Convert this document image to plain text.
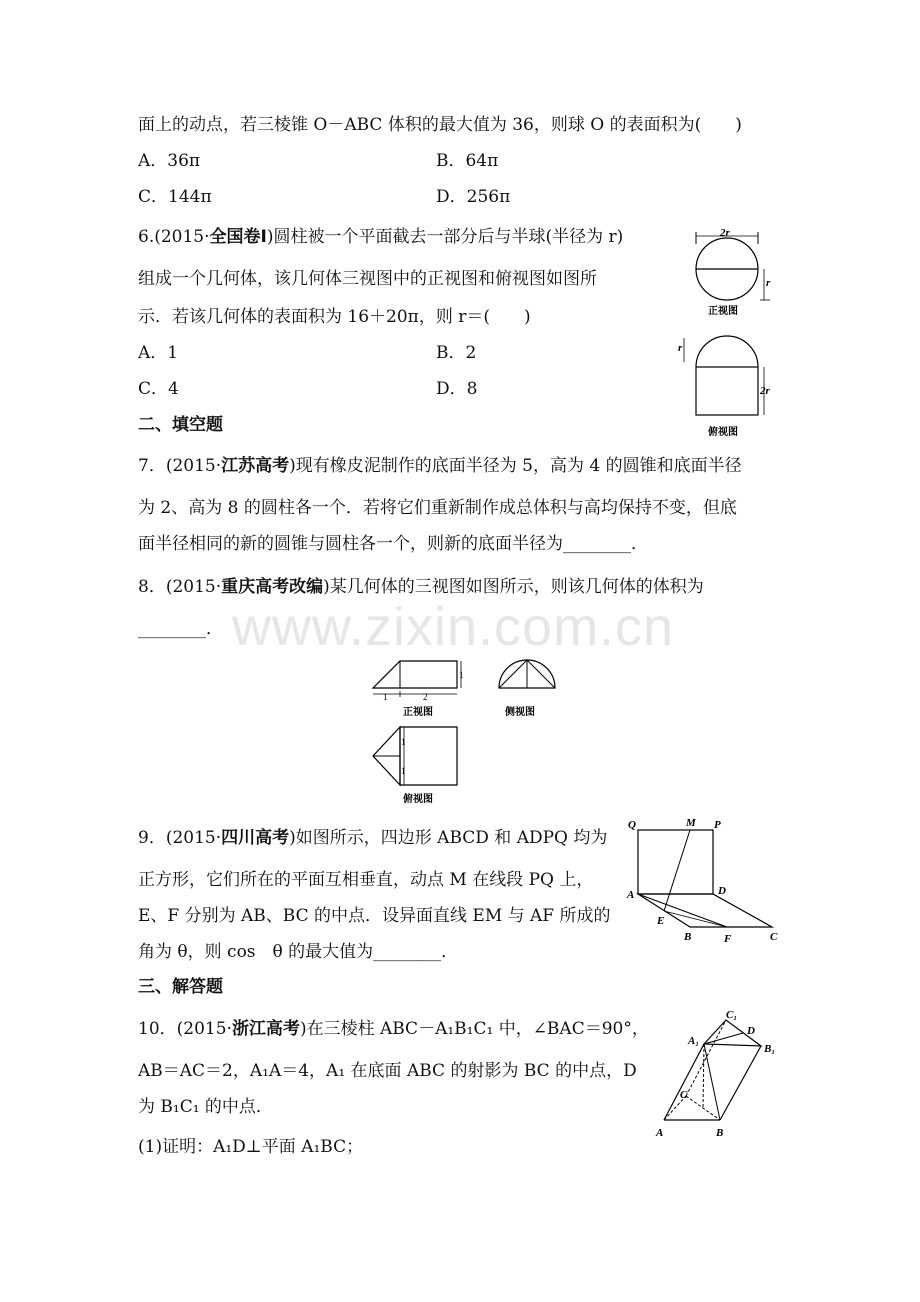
www.zixin.com.cn
面上的动点，若三棱锥 O－ABC 体积的最大值为 36，则球 O 的表面积为(　　)
A．36π	B．64π
C．144π	D．256π
6.(2015·全国卷Ⅰ)圆柱被一个平面截去一部分后与半球(半径为 r)
组成一个几何体，该几何体三视图中的正视图和俯视图如图所
示．若该几何体的表面积为 16＋20π，则 r＝(　　)
A．1	B．2
C．4	D．8
2r
r
正视图
r
2r
俯视图
二、填空题
7．(2015·江苏高考)现有橡皮泥制作的底面半径为 5，高为 4 的圆锥和底面半径
为 2、高为 8 的圆柱各一个．若将它们重新制作成总体积与高均保持不变，但底
面半径相同的新的圆锥与圆柱各一个，则新的底面半径为________．
8．(2015·重庆高考改编)某几何体的三视图如图所示，则该几何体的体积为
________．
1
1	2
正视图	侧视图
1
1
俯视图
9．(2015·四川高考)如图所示，四边形 ABCD 和 ADPQ 均为
正方形，它们所在的平面互相垂直，动点 M 在线段 PQ 上，
E、F 分别为 AB、BC 的中点．设异面直线 EM 与 AF 所成的
角为 θ，则 cos　θ 的最大值为________．
Q	M P
A	D
E
B	F	C
三、解答题
10．(2015·浙江高考)在三棱柱 ABC－A₁B₁C₁ 中，∠BAC＝90°，
AB＝AC＝2，A₁A＝4，A₁ 在底面 ABC 的射影为 BC 的中点，D
为 B₁C₁ 的中点．
(1)证明：A₁D⊥平面 A₁BC；
A	B
C
A₁
B₁
C₁
D
